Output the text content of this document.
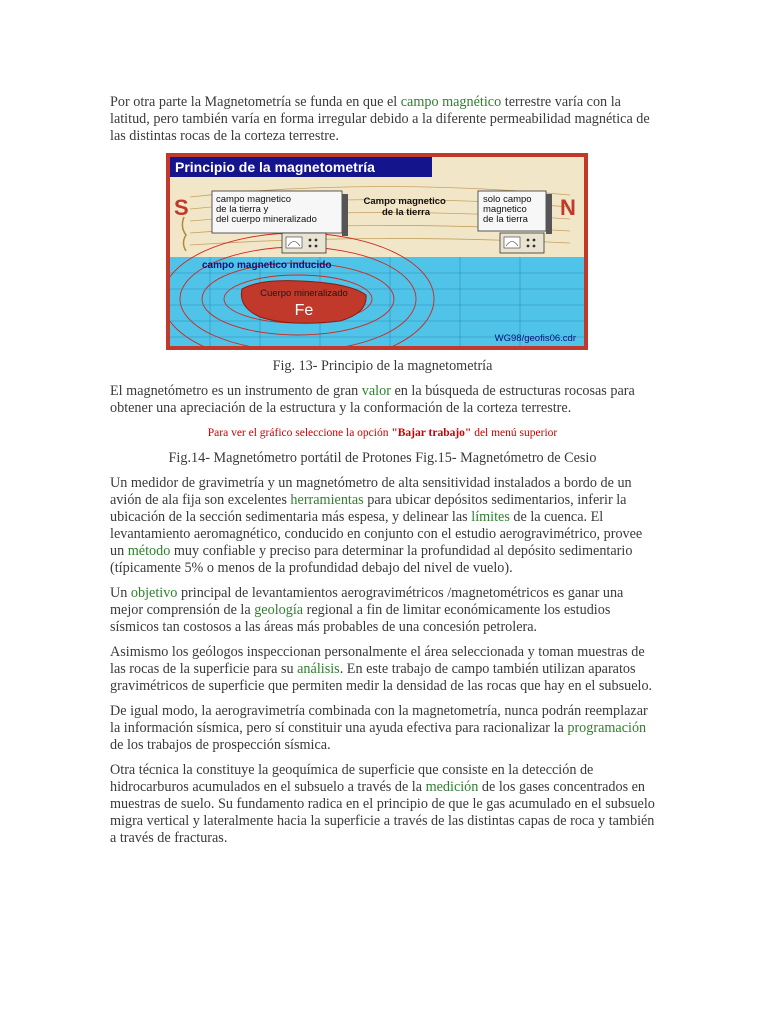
Por otra parte la Magnetometría se funda en que el campo magnético terrestre varía con la latitud, pero también varía en forma irregular debido a la diferente permeabilidad magnética de las distintas rocas de la corteza terrestre.

Cuerpo mineralizado
Fe
campo magnetico inducido
WG98/geofis06.cdr
Principio de la magnetometría
S	N
campo magnetico de la tierra y del cuerpo mineralizado
Campo magnetico de la tierra
solo campo magnetico de la tierra

Fig. 13- Principio de la magnetometría

El magnetómetro es un instrumento de gran valor en la búsqueda de estructuras rocosas para obtener una apreciación de la estructura y la conformación de la corteza terrestre.

Para ver el gráfico seleccione la opción "Bajar trabajo" del menú superior

Fig.14- Magnetómetro portátil de Protones Fig.15- Magnetómetro de Cesio

Un medidor de gravimetría y un magnetómetro de alta sensitividad instalados a bordo de un avión de ala fija son excelentes herramientas para ubicar depósitos sedimentarios, inferir la ubicación de la sección sedimentaria más espesa, y delinear las límites de la cuenca. El levantamiento aeromagnético, conducido en conjunto con el estudio aerogravimétrico, provee un método muy confiable y preciso para determinar la profundidad al depósito sedimentario (típicamente 5% o menos de la profundidad debajo del nivel de vuelo).

Un objetivo principal de levantamientos aerogravimétricos /magnetométricos es ganar una mejor comprensión de la geología regional a fin de limitar económicamente los estudios sísmicos tan costosos a las áreas más probables de una concesión petrolera.

Asimismo los geólogos inspeccionan personalmente el área seleccionada y toman muestras de las rocas de la superficie para su análisis. En este trabajo de campo también utilizan aparatos gravimétricos de superficie que permiten medir la densidad de las rocas que hay en el subsuelo.

De igual modo, la aerogravimetría combinada con la magnetometría, nunca podrán reemplazar la información sísmica, pero sí constituir una ayuda efectiva para racionalizar la programación de los trabajos de prospección sísmica.

Otra técnica la constituye la geoquímica de superficie que consiste en la detección de hidrocarburos acumulados en el subsuelo a través de la medición de los gases concentrados en muestras de suelo. Su fundamento radica en el principio de que le gas acumulado en el subsuelo migra vertical y lateralmente hacia la superficie a través de las distintas capas de roca y también a través de fracturas.
